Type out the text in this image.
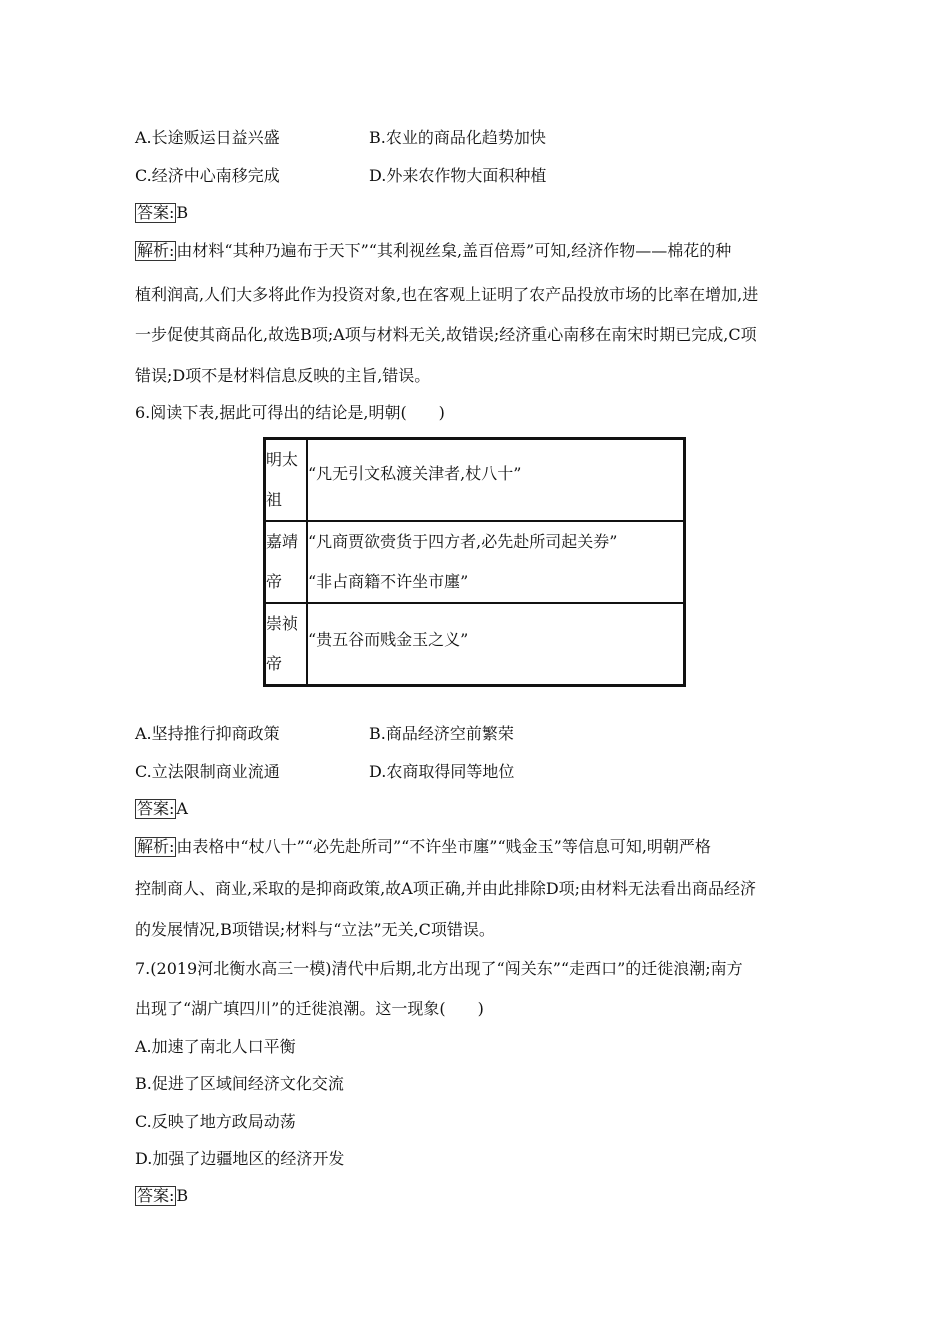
A.长途贩运日益兴盛	B.农业的商品化趋势加快
C.经济中心南移完成	D.外来农作物大面积种植
答案: B
解析: 由材料“其种乃遍布于天下”“其利视丝枲,盖百倍焉”可知,经济作物——棉花的种
植利润高,人们大多将此作为投资对象,也在客观上证明了农产品投放市场的比率在增加,进
一步促使其商品化,故选B项;A项与材料无关,故错误;经济重心南移在南宋时期已完成,C项
错误;D项不是材料信息反映的主旨,错误。
6.阅读下表,据此可得出的结论是,明朝(　　)
明太祖	“凡无引文私渡关津者,杖八十”

嘉靖帝	“凡商贾欲赍货于四方者,必先赴所司起关券”
“非占商籍不许坐市廛”

崇祯帝	“贵五谷而贱金玉之义”
A.坚持推行抑商政策	B.商品经济空前繁荣
C.立法限制商业流通	D.农商取得同等地位
答案: A
解析: 由表格中“杖八十”“必先赴所司”“不许坐市廛”“贱金玉”等信息可知,明朝严格
控制商人、商业,采取的是抑商政策,故A项正确,并由此排除D项;由材料无法看出商品经济
的发展情况,B项错误;材料与“立法”无关,C项错误。
7.(2019河北衡水高三一模)清代中后期,北方出现了“闯关东”“走西口”的迁徙浪潮;南方
出现了“湖广填四川”的迁徙浪潮。这一现象(　　)
A.加速了南北人口平衡
B.促进了区域间经济文化交流
C.反映了地方政局动荡
D.加强了边疆地区的经济开发
答案: B
